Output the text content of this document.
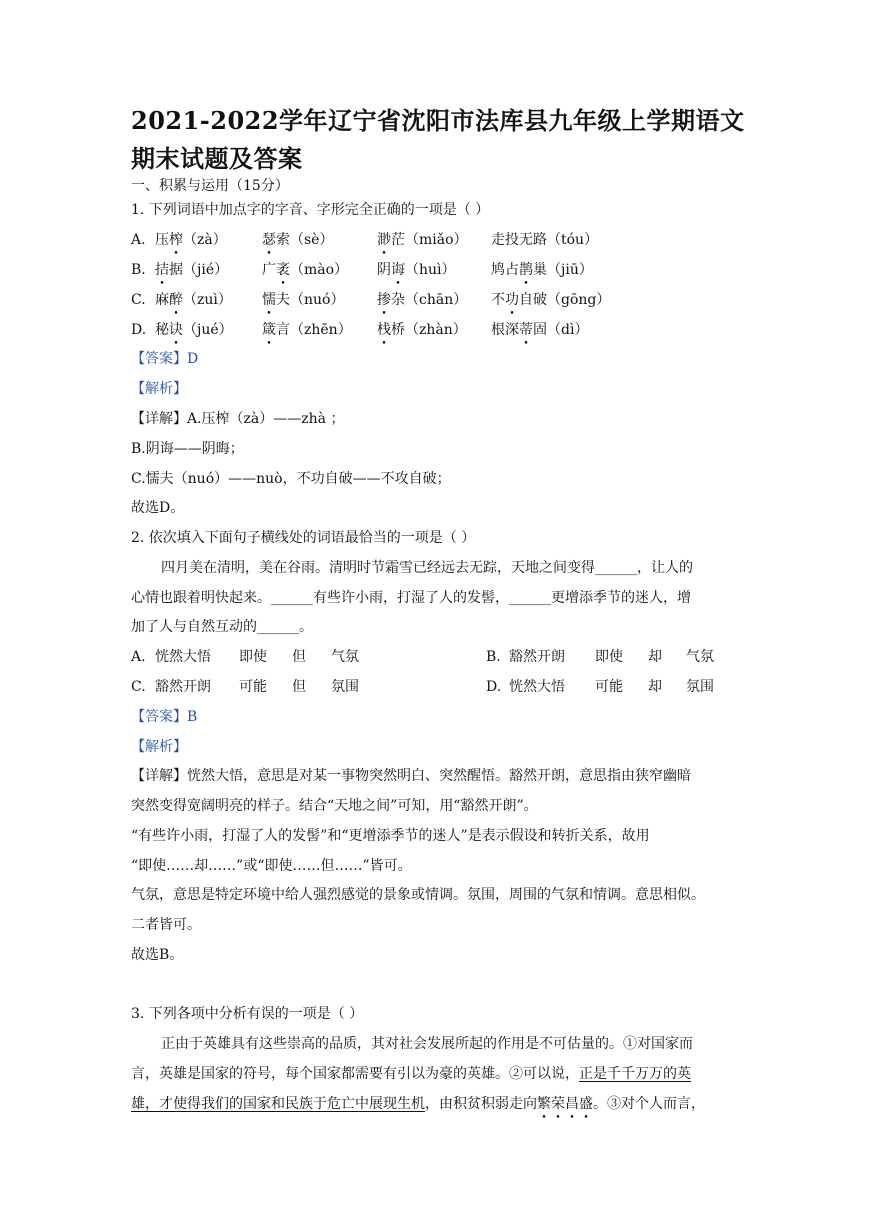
2021-2022学年辽宁省沈阳市法库县九年级上学期语文期末试题及答案
一、积累与运用（15分）
1. 下列词语中加点字的字音、字形完全正确的一项是（ ）
A. 压榨（zà）	瑟索（sè）	渺茫（miǎo） 走投无路（tóu）
B. 拮据（jié） 广袤（mào） 阴诲（huì）	鸠占鹊巢（jiū）
C. 麻醉（zuì） 懦夫（nuó） 掺杂（chān） 不功自破（gōng）
D. 秘诀（jué） 箴言（zhēn） 栈桥（zhàn） 根深蒂固（dì）
【答案】D
【解析】
【详解】A.压榨（zà）——zhà ；
B.阴诲——阴晦；
C.懦夫（nuó）——nuò，不功自破——不攻自破；
故选D。
2. 依次填入下面句子横线处的词语最恰当的一项是（ ）
四月美在清明，美在谷雨。清明时节霜雪已经远去无踪，天地之间变得______，让人的
心情也跟着明快起来。______有些许小雨，打湿了人的发髻，______更增添季节的迷人，增
加了人与自然互动的______。
A. 恍然大悟 即使 但 气氛	B. 豁然开朗 即使 却 气氛
C. 豁然开朗 可能 但 氛围	D. 恍然大悟 可能 却 氛围
【答案】B
【解析】
【详解】恍然大悟，意思是对某一事物突然明白、突然醒悟。豁然开朗，意思指由狭窄幽暗
突然变得宽阔明亮的样子。结合“天地之间”可知，用“豁然开朗”。
“有些许小雨，打湿了人的发髻”和“更增添季节的迷人”是表示假设和转折关系，故用
“即使……却……”或“即使……但……”皆可。
气氛，意思是特定环境中给人强烈感觉的景象或情调。氛围，周围的气氛和情调。意思相似。
二者皆可。
故选B。
3. 下列各项中分析有误的一项是（ ）
正由于英雄具有这些崇高的品质，其对社会发展所起的作用是不可估量的。①对国家而
言，英雄是国家的符号，每个国家都需要有引以为豪的英雄。②可以说，正是千千万万的英
雄，才使得我们的国家和民族于危亡中展现生机，由积贫积弱走向繁荣昌盛。③对个人而言，
